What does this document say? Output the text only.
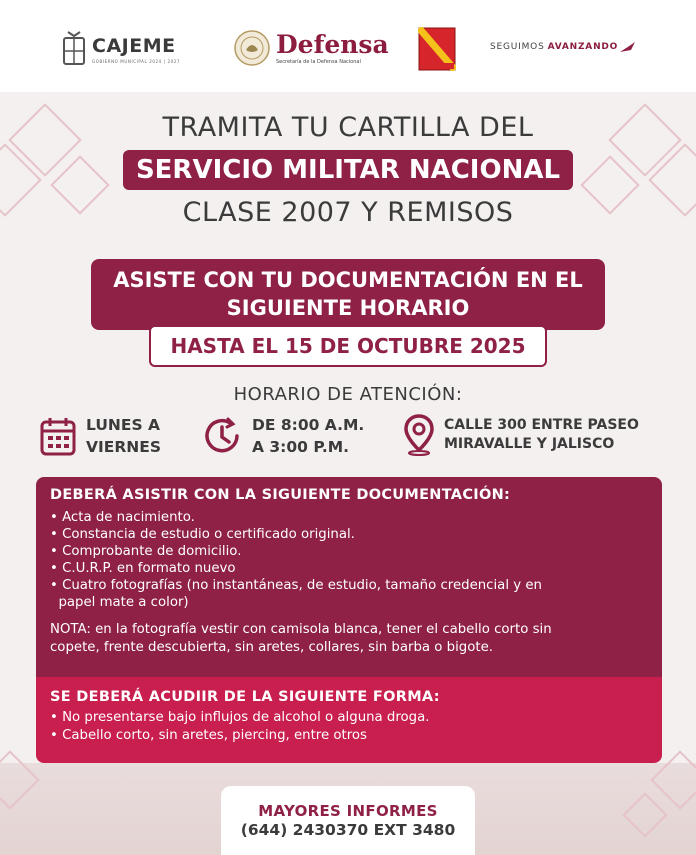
CAJEME
GOBIERNO MUNICIPAL 2024 | 2027
Defensa
Secretaría de la Defensa Nacional
SEGUIMOS AVANZANDO
TRAMITA TU CARTILLA DEL
SERVICIO MILITAR NACIONAL
CLASE 2007 Y REMISOS
ASISTE CON TU DOCUMENTACIÓN EN EL
SIGUIENTE HORARIO
HASTA EL 15 DE OCTUBRE 2025
HORARIO DE ATENCIÓN:
LUNES A
VIERNES
DE 8:00 A.M.
A 3:00 P.M.
CALLE 300 ENTRE PASEO
MIRAVALLE Y JALISCO
DEBERÁ ASISTIR CON LA SIGUIENTE DOCUMENTACIÓN:
• Acta de nacimiento.
• Constancia de estudio o certificado original.
• Comprobante de domicilio.
• C.U.R.P. en formato nuevo
• Cuatro fotografías (no instantáneas, de estudio, tamaño credencial y en
papel mate a color)
NOTA: en la fotografía vestir con camisola blanca, tener el cabello corto sin
copete, frente descubierta, sin aretes, collares, sin barba o bigote.
SE DEBERÁ ACUDIIR DE LA SIGUIENTE FORMA:
• No presentarse bajo influjos de alcohol o alguna droga.
• Cabello corto, sin aretes, piercing, entre otros
MAYORES INFORMES
(644) 2430370 EXT 3480
